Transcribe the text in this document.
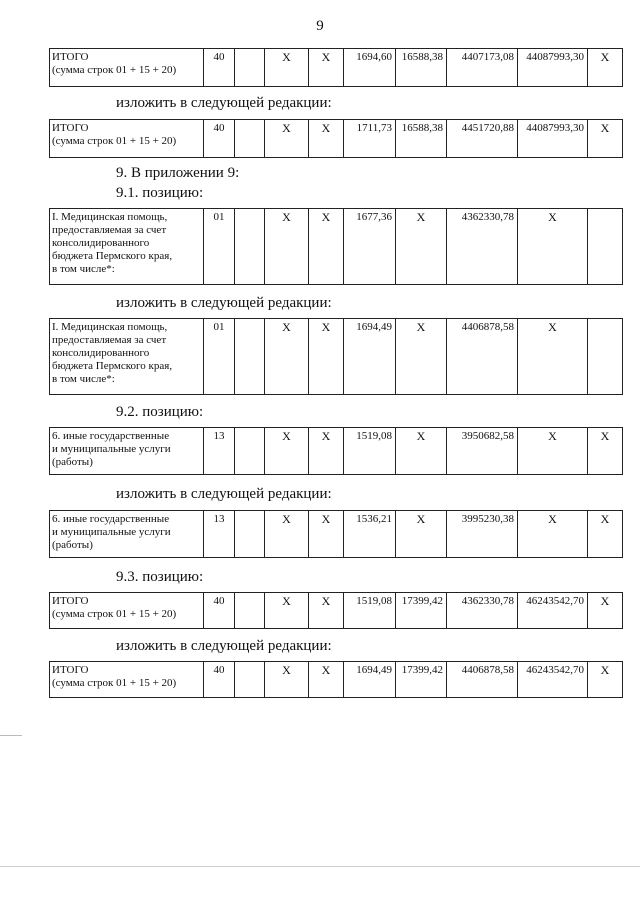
9
ИТОГО
(сумма строк 01 + 15 + 20)
	40		Х	Х	1694,60	16588,38	4407173,08	44087993,30	Х
изложить в следующей редакции:
ИТОГО
(сумма строк 01 + 15 + 20)
	40		Х	Х	1711,73	16588,38	4451720,88	44087993,30	Х
9. В приложении 9:
9.1. позицию:
I. Медицинская помощь,
предоставляемая за счет
консолидированного
бюджета Пермского края,
в том числе*:
	01		Х	Х	1677,36	Х	4362330,78	Х	
изложить в следующей редакции:
I. Медицинская помощь,
предоставляемая за счет
консолидированного
бюджета Пермского края,
в том числе*:
	01		Х	Х	1694,49	Х	4406878,58	Х	
9.2. позицию:
6. иные государственные
и муниципальные услуги
(работы)
	13		Х	Х	1519,08	Х	3950682,58	Х	Х
изложить в следующей редакции:
6. иные государственные
и муниципальные услуги
(работы)
	13		Х	Х	1536,21	Х	3995230,38	Х	Х
9.3. позицию:
ИТОГО
(сумма строк 01 + 15 + 20)
	40		Х	Х	1519,08	17399,42	4362330,78	46243542,70	Х
изложить в следующей редакции:
ИТОГО
(сумма строк 01 + 15 + 20)
	40		Х	Х	1694,49	17399,42	4406878,58	46243542,70	Х
